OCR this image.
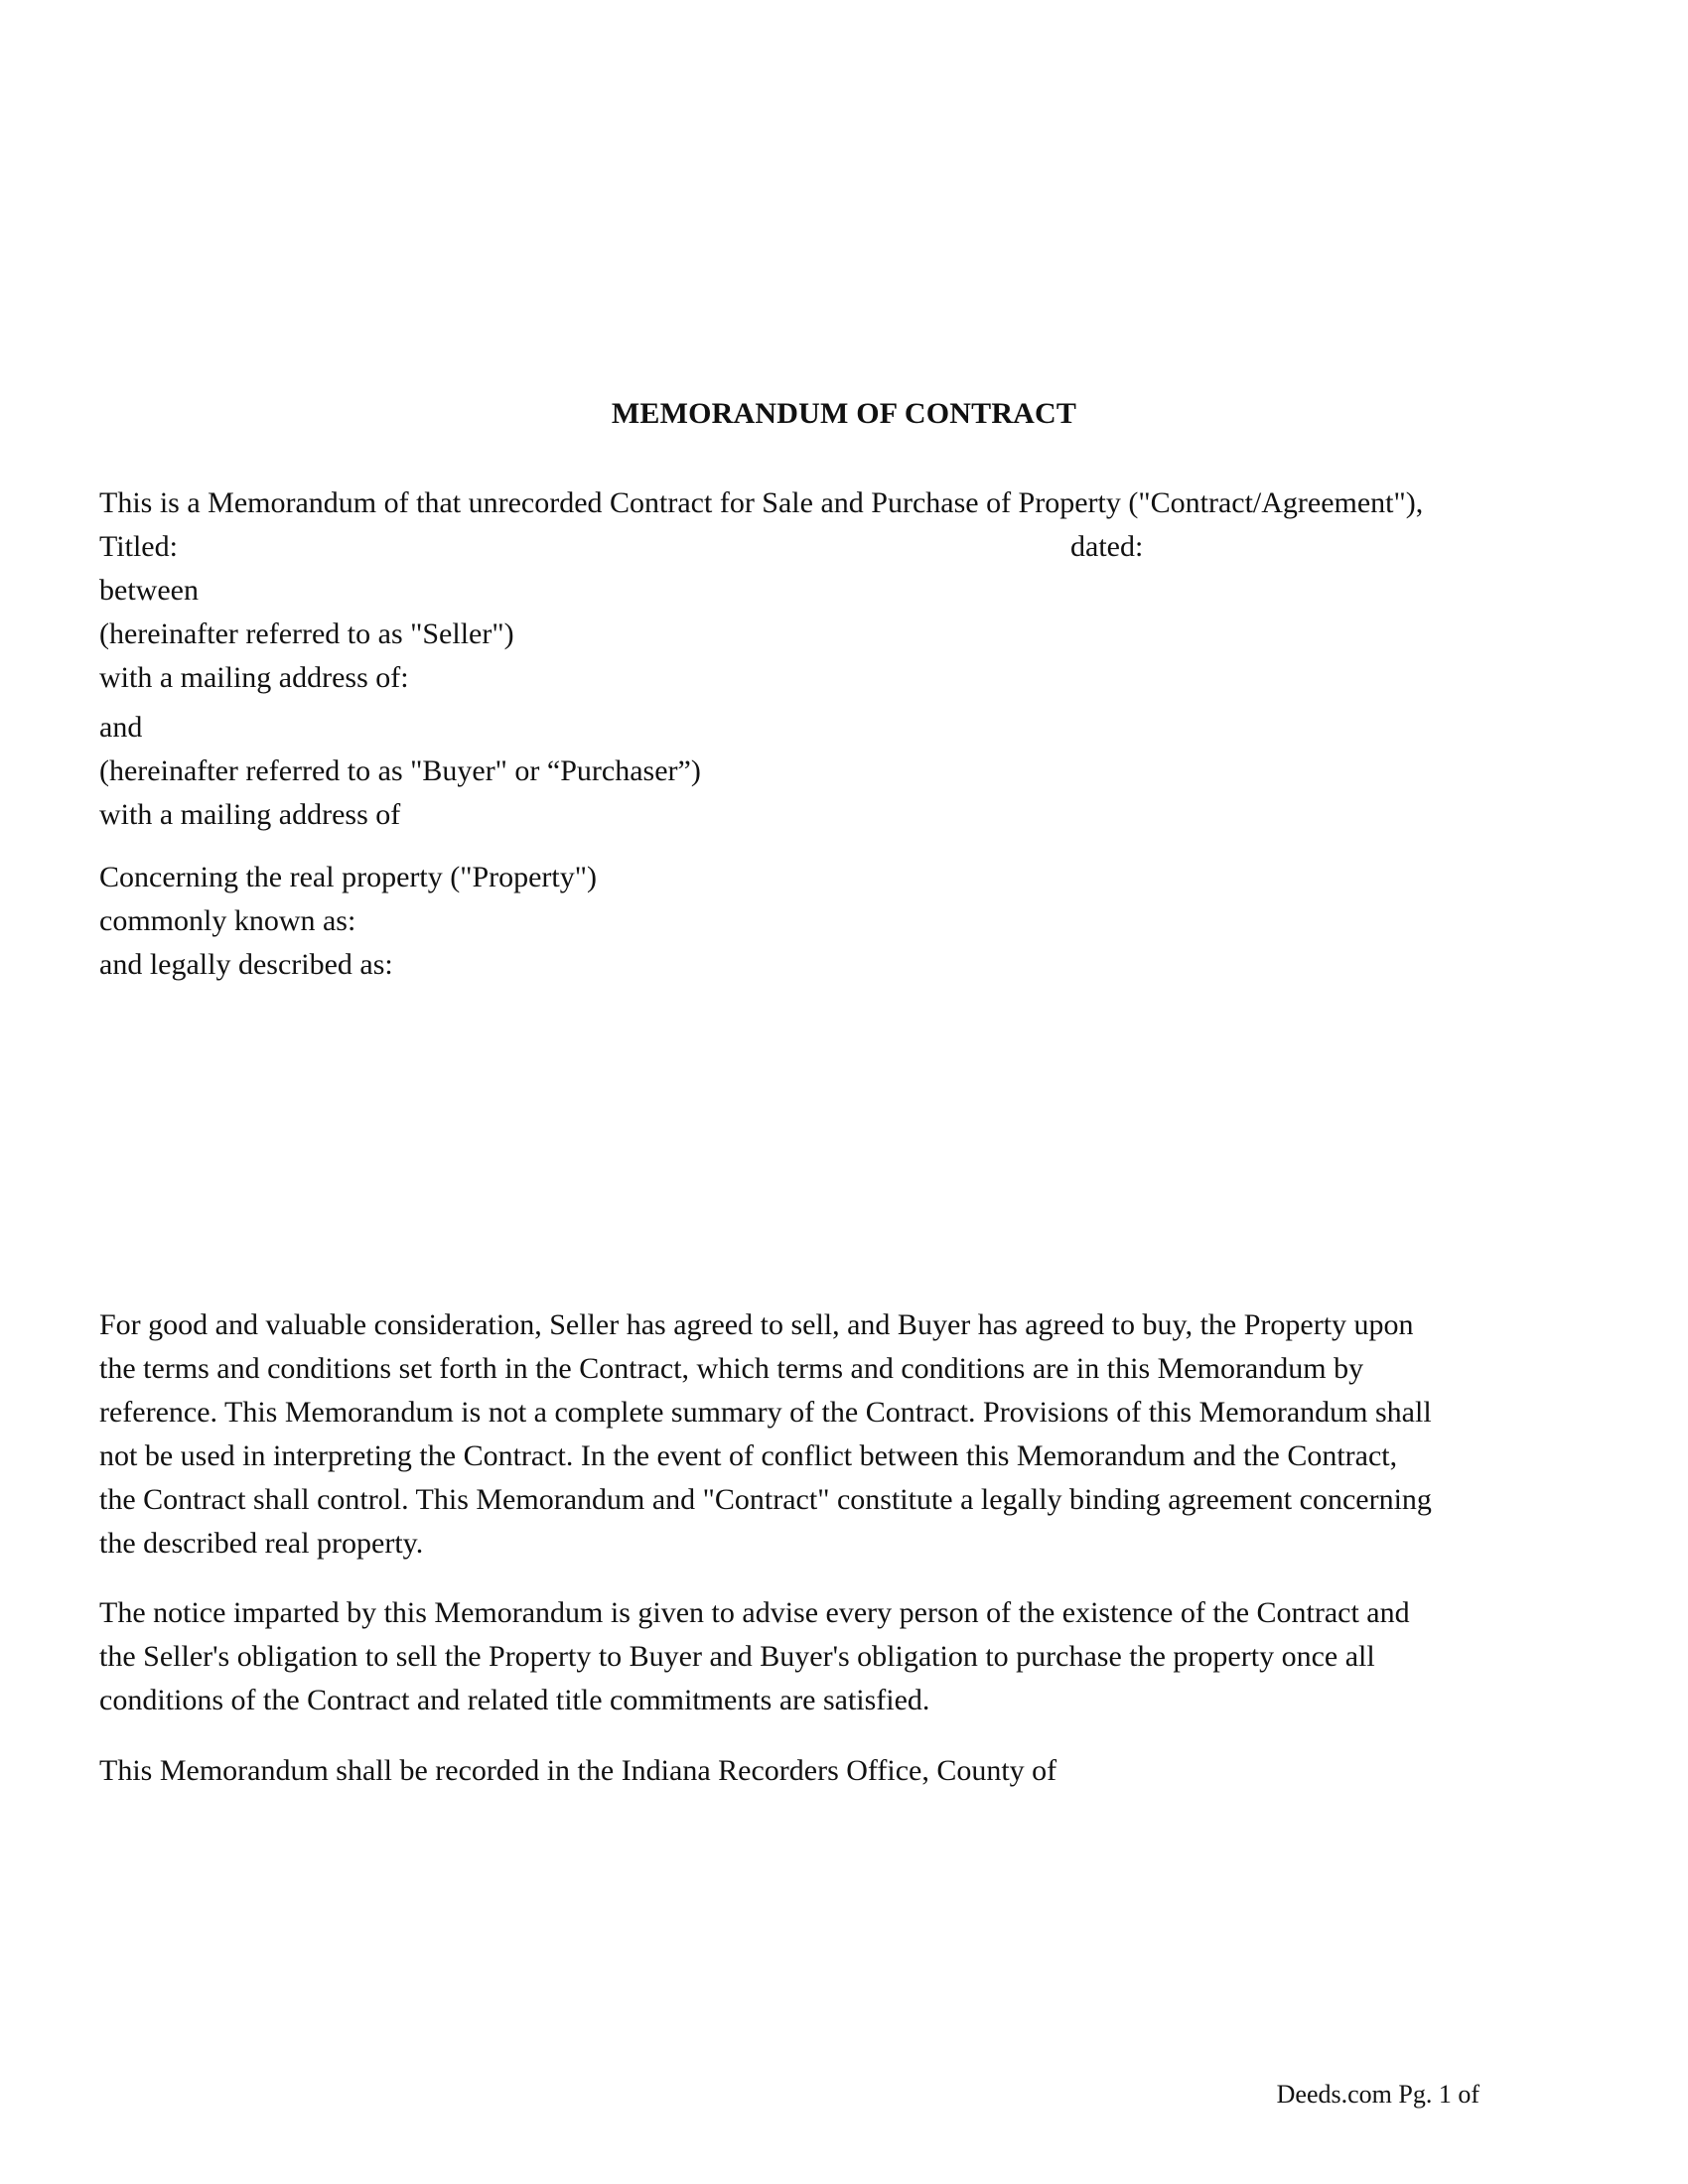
MEMORANDUM OF CONTRACT
This is a Memorandum of that unrecorded Contract for Sale and Purchase of Property ("Contract/Agreement"),
Titled:	dated:
between
(hereinafter referred to as "Seller")
with a mailing address of:
and
(hereinafter referred to as "Buyer" or “Purchaser”)
with a mailing address of
Concerning the real property ("Property")
commonly known as:
and legally described as:
For good and valuable consideration, Seller has agreed to sell, and Buyer has agreed to buy, the Property upon
the terms and conditions set forth in the Contract, which terms and conditions are in this Memorandum by
reference. This Memorandum is not a complete summary of the Contract. Provisions of this Memorandum shall
not be used in interpreting the Contract. In the event of conflict between this Memorandum and the Contract,
the Contract shall control. This Memorandum and "Contract" constitute a legally binding agreement concerning
the described real property.
The notice imparted by this Memorandum is given to advise every person of the existence of the Contract and
the Seller's obligation to sell the Property to Buyer and Buyer's obligation to purchase the property once all
conditions of the Contract and related title commitments are satisfied.
This Memorandum shall be recorded in the Indiana Recorders Office, County of
Deeds.com Pg. 1 of
